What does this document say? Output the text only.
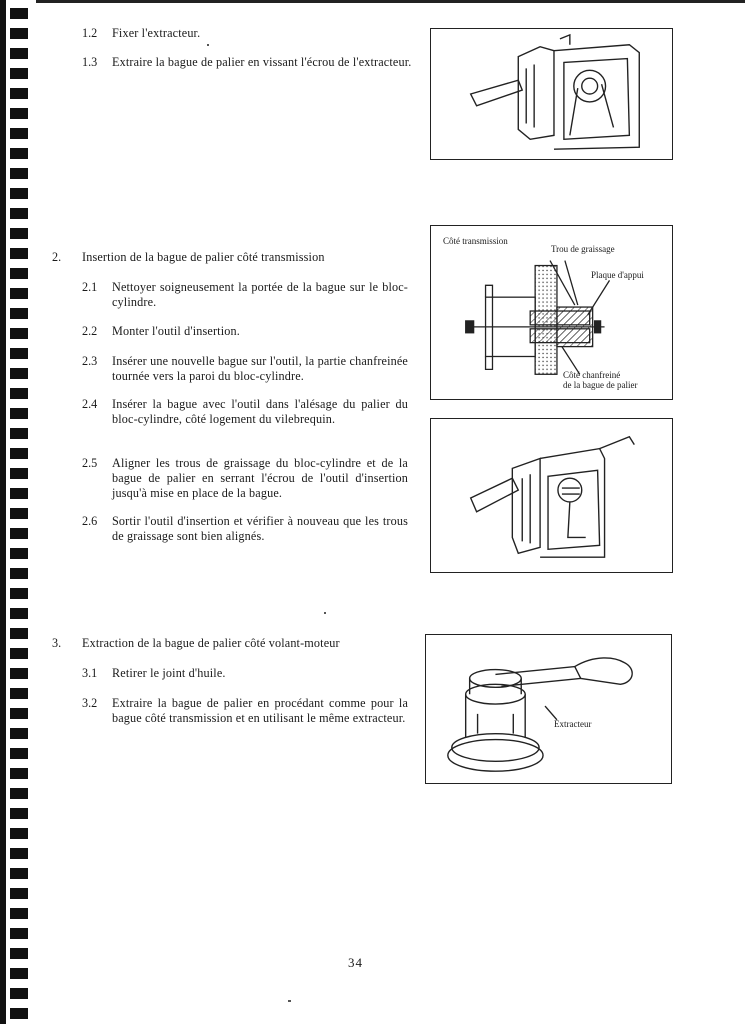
1.2 Fixer l'extracteur.
1.3 Extraire la bague de palier en vissant l'écrou de l'extracteur.
2. Insertion de la bague de palier côté transmission
2.1 Nettoyer soigneusement la portée de la bague sur le bloc-cylindre.
2.2 Monter l'outil d'insertion.
2.3 Insérer une nouvelle bague sur l'outil, la partie chanfreinée tournée vers la paroi du bloc-cylindre.
2.4 Insérer la bague avec l'outil dans l'alésage du palier du bloc-cylindre, côté logement du vilebrequin.
2.5 Aligner les trous de graissage du bloc-cylindre et de la bague de palier en serrant l'écrou de l'outil d'insertion jusqu'à mise en place de la bague.
2.6 Sortir l'outil d'insertion et vérifier à nouveau que les trous de graissage sont bien alignés.
Côté transmission
Trou de graissage
Plaque d'appui
Côté chanfreiné
de la bague de palier
3. Extraction de la bague de palier côté volant-moteur
3.1 Retirer le joint d'huile.
3.2 Extraire la bague de palier en procédant comme pour la bague côté transmission et en utilisant le même extracteur.	Extracteur
34
